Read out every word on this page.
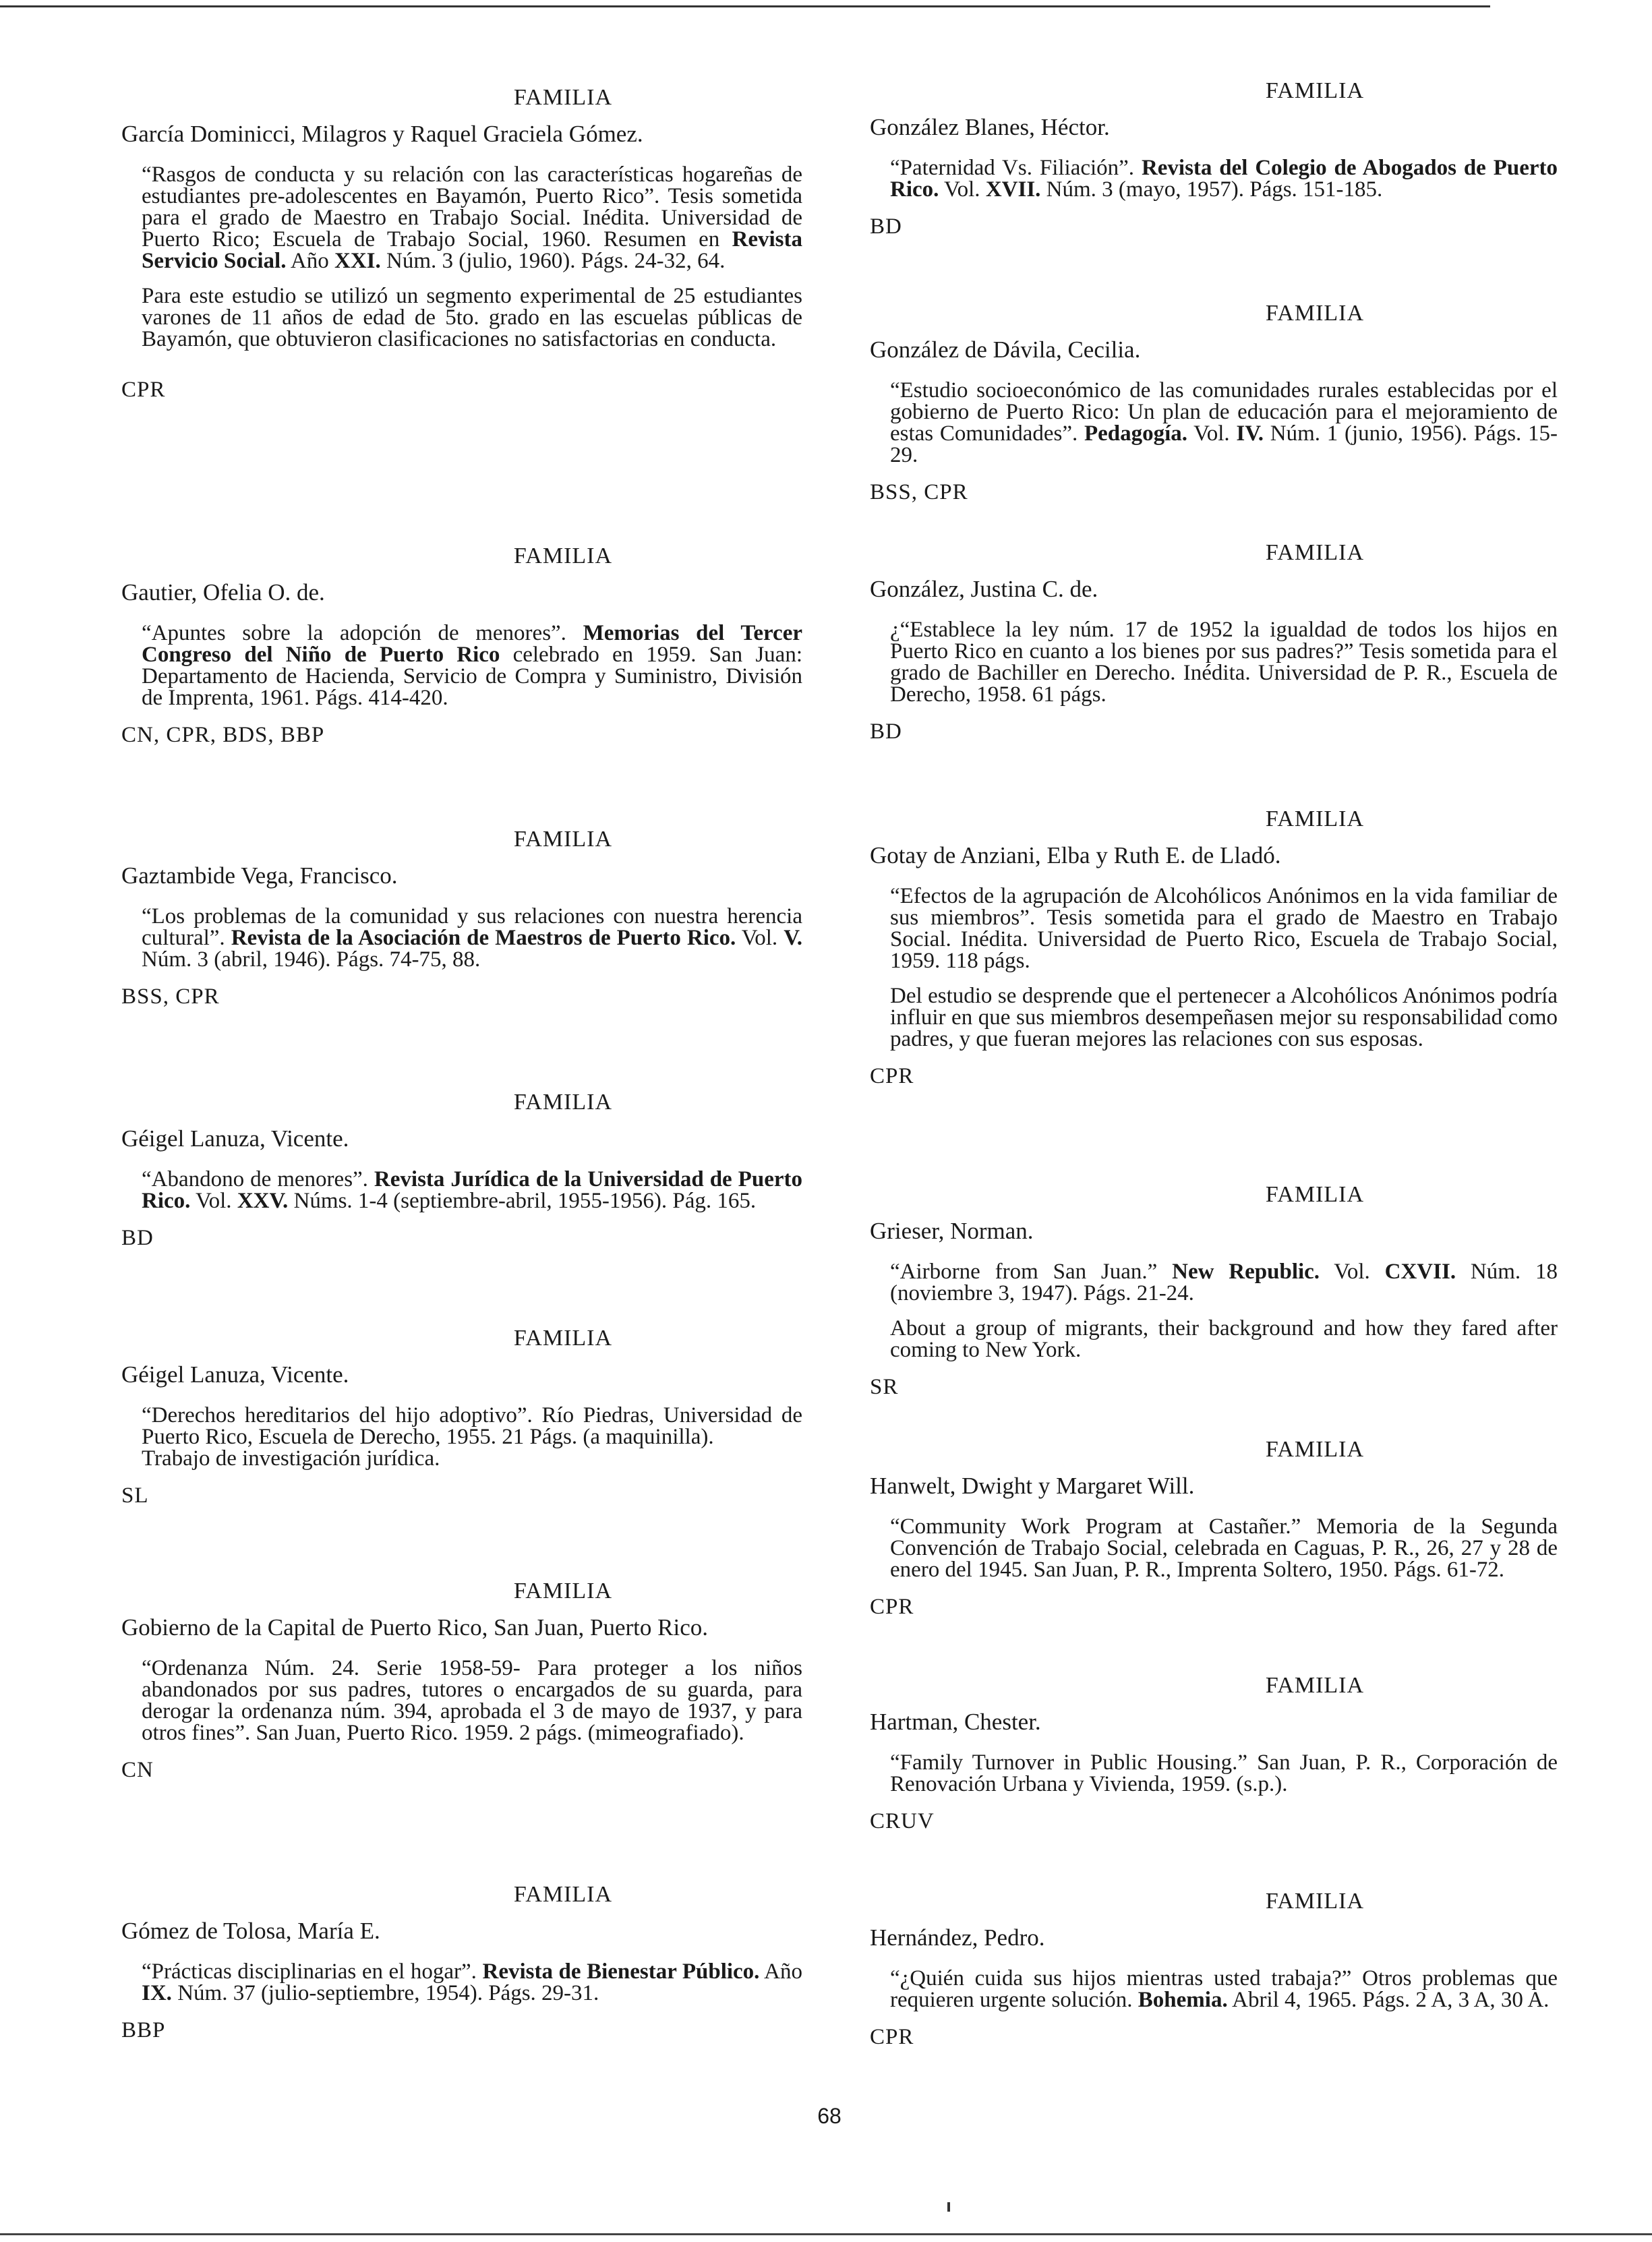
FAMILIA
García Dominicci, Milagros y Raquel Graciela Gómez.
“Rasgos de conducta y su relación con las características hogareñas de estudiantes pre-adolescentes en Bayamón, Puerto Rico”. Tesis sometida para el grado de Maestro en Trabajo Social. Inédita. Universidad de Puerto Rico; Escuela de Trabajo Social, 1960. Resumen en Revista Servicio Social. Año XXI. Núm. 3 (julio, 1960). Págs. 24-32, 64.
Para este estudio se utilizó un segmento experimental de 25 estudiantes varones de 11 años de edad de 5to. grado en las escuelas públicas de Bayamón, que obtuvieron clasificaciones no satisfactorias en conducta.
CPR
FAMILIA
Gautier, Ofelia O. de.
“Apuntes sobre la adopción de menores”. Memorias del Tercer Congreso del Niño de Puerto Rico celebrado en 1959. San Juan: Departamento de Hacienda, Servicio de Compra y Suministro, División de Imprenta, 1961. Págs. 414-420.
CN, CPR, BDS, BBP
FAMILIA
Gaztambide Vega, Francisco.
“Los problemas de la comunidad y sus relaciones con nuestra herencia cultural”. Revista de la Asociación de Maestros de Puerto Rico. Vol. V. Núm. 3 (abril, 1946). Págs. 74-75, 88.
BSS, CPR
FAMILIA
Géigel Lanuza, Vicente.
“Abandono de menores”. Revista Jurídica de la Universidad de Puerto Rico. Vol. XXV. Núms. 1-4 (septiembre-abril, 1955-1956). Pág. 165.
BD
FAMILIA
Géigel Lanuza, Vicente.
“Derechos hereditarios del hijo adoptivo”. Río Piedras, Universidad de Puerto Rico, Escuela de Derecho, 1955. 21 Págs. (a maquinilla).
Trabajo de investigación jurídica.
SL
FAMILIA
Gobierno de la Capital de Puerto Rico, San Juan, Puerto Rico.
“Ordenanza Núm. 24. Serie 1958-59- Para proteger a los niños abandonados por sus padres, tutores o encargados de su guarda, para derogar la ordenanza núm. 394, aprobada el 3 de mayo de 1937, y para otros fines”. San Juan, Puerto Rico. 1959. 2 págs. (mimeografiado).
CN
FAMILIA
Gómez de Tolosa, María E.
“Prácticas disciplinarias en el hogar”. Revista de Bienestar Público. Año IX. Núm. 37 (julio-septiembre, 1954). Págs. 29-31.
BBP
FAMILIA
González Blanes, Héctor.
“Paternidad Vs. Filiación”. Revista del Colegio de Abogados de Puerto Rico. Vol. XVII. Núm. 3 (mayo, 1957). Págs. 151-185.
BD
FAMILIA
González de Dávila, Cecilia.
“Estudio socioeconómico de las comunidades rurales establecidas por el gobierno de Puerto Rico: Un plan de educación para el mejoramiento de estas Comunidades”. Pedagogía. Vol. IV. Núm. 1 (junio, 1956). Págs. 15-29.
BSS, CPR
FAMILIA
González, Justina C. de.
¿“Establece la ley núm. 17 de 1952 la igualdad de todos los hijos en Puerto Rico en cuanto a los bienes por sus padres?” Tesis sometida para el grado de Bachiller en Derecho. Inédita. Universidad de P. R., Escuela de Derecho, 1958. 61 págs.
BD
FAMILIA
Gotay de Anziani, Elba y Ruth E. de Lladó.
“Efectos de la agrupación de Alcohólicos Anónimos en la vida familiar de sus miembros”. Tesis sometida para el grado de Maestro en Trabajo Social. Inédita. Universidad de Puerto Rico, Escuela de Trabajo Social, 1959. 118 págs.
Del estudio se desprende que el pertenecer a Alcohólicos Anónimos podría influir en que sus miembros desempeñasen mejor su responsabilidad como padres, y que fueran mejores las relaciones con sus esposas.
CPR
FAMILIA
Grieser, Norman.
“Airborne from San Juan.” New Republic. Vol. CXVII. Núm. 18 (noviembre 3, 1947). Págs. 21-24.
About a group of migrants, their background and how they fared after coming to New York.
SR
FAMILIA
Hanwelt, Dwight y Margaret Will.
“Community Work Program at Castañer.” Memoria de la Segunda Convención de Trabajo Social, celebrada en Caguas, P. R., 26, 27 y 28 de enero del 1945. San Juan, P. R., Imprenta Soltero, 1950. Págs. 61-72.
CPR
FAMILIA
Hartman, Chester.
“Family Turnover in Public Housing.” San Juan, P. R., Corporación de Renovación Urbana y Vivienda, 1959. (s.p.).
CRUV
FAMILIA
Hernández, Pedro.
“¿Quién cuida sus hijos mientras usted trabaja?” Otros problemas que requieren urgente solución. Bohemia. Abril 4, 1965. Págs. 2 A, 3 A, 30 A.
CPR
68
